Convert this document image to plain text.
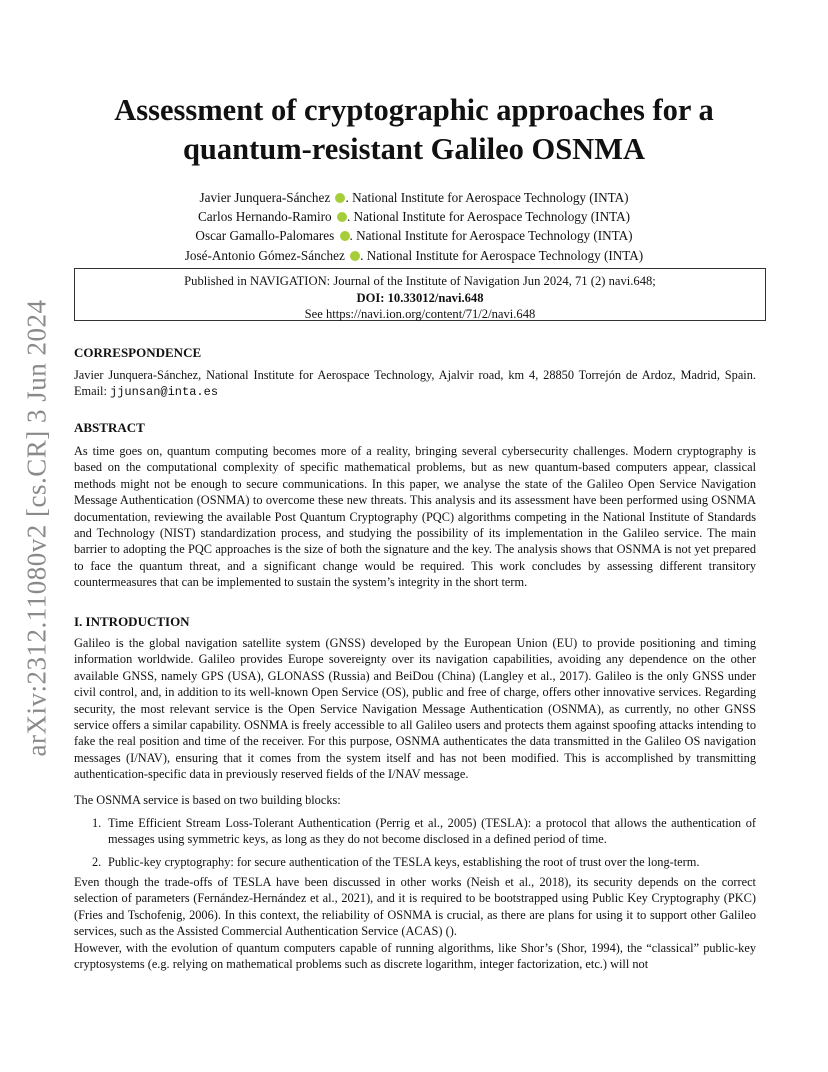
arXiv:2312.11080v2 [cs.CR] 3 Jun 2024
Assessment of cryptographic approaches for a
quantum-resistant Galileo OSNMA
Javier Junquera-Sánchez . National Institute for Aerospace Technology (INTA)
Carlos Hernando-Ramiro . National Institute for Aerospace Technology (INTA)
Oscar Gamallo-Palomares . National Institute for Aerospace Technology (INTA)
José-Antonio Gómez-Sánchez . National Institute for Aerospace Technology (INTA)
Published in NAVIGATION: Journal of the Institute of Navigation Jun 2024, 71 (2) navi.648;
DOI: 10.33012/navi.648
See https://navi.ion.org/content/71/2/navi.648
CORRESPONDENCE

Javier Junquera-Sánchez, National Institute for Aerospace Technology, Ajalvir road, km 4, 28850 Torrejón de Ardoz, Madrid, Spain. Email: jjunsan@inta.es

ABSTRACT

As time goes on, quantum computing becomes more of a reality, bringing several cybersecurity challenges. Modern cryptography is based on the computational complexity of specific mathematical problems, but as new quantum-based computers appear, classical methods might not be enough to secure communications. In this paper, we analyse the state of the Galileo Open Service Navigation Message Authentication (OSNMA) to overcome these new threats. This analysis and its assessment have been performed using OSNMA documentation, reviewing the available Post Quantum Cryptography (PQC) algorithms competing in the National Institute of Standards and Technology (NIST) standardization process, and studying the possibility of its implementation in the Galileo service. The main barrier to adopting the PQC approaches is the size of both the signature and the key. The analysis shows that OSNMA is not yet prepared to face the quantum threat, and a significant change would be required. This work concludes by assessing different transitory countermeasures that can be implemented to sustain the system’s integrity in the short term.

I. INTRODUCTION

Galileo is the global navigation satellite system (GNSS) developed by the European Union (EU) to provide positioning and timing information worldwide. Galileo provides Europe sovereignty over its navigation capabilities, avoiding any dependence on the other available GNSS, namely GPS (USA), GLONASS (Russia) and BeiDou (China) (Langley et al., 2017). Galileo is the only GNSS under civil control, and, in addition to its well-known Open Service (OS), public and free of charge, offers other innovative services. Regarding security, the most relevant service is the Open Service Navigation Message Authentication (OSNMA), as currently, no other GNSS service offers a similar capability. OSNMA is freely accessible to all Galileo users and protects them against spoofing attacks intending to fake the real position and time of the receiver. For this purpose, OSNMA authenticates the data transmitted in the Galileo OS navigation messages (I/NAV), ensuring that it comes from the system itself and has not been modified. This is accomplished by transmitting authentication-specific data in previously reserved fields of the I/NAV message.

The OSNMA service is based on two building blocks:

1. Time Efficient Stream Loss-Tolerant Authentication (Perrig et al., 2005) (TESLA): a protocol that allows the authentication of messages using symmetric keys, as long as they do not become disclosed in a defined period of time.
2. Public-key cryptography: for secure authentication of the TESLA keys, establishing the root of trust over the long-term.

Even though the trade-offs of TESLA have been discussed in other works (Neish et al., 2018), its security depends on the correct selection of parameters (Fernández-Hernández et al., 2021), and it is required to be bootstrapped using Public Key Cryptography (PKC) (Fries and Tschofenig, 2006). In this context, the reliability of OSNMA is crucial, as there are plans for using it to support other Galileo services, such as the Assisted Commercial Authentication Service (ACAS) ().

However, with the evolution of quantum computers capable of running algorithms, like Shor’s (Shor, 1994), the “classical” public-key cryptosystems (e.g. relying on mathematical problems such as discrete logarithm, integer factorization, etc.) will not
